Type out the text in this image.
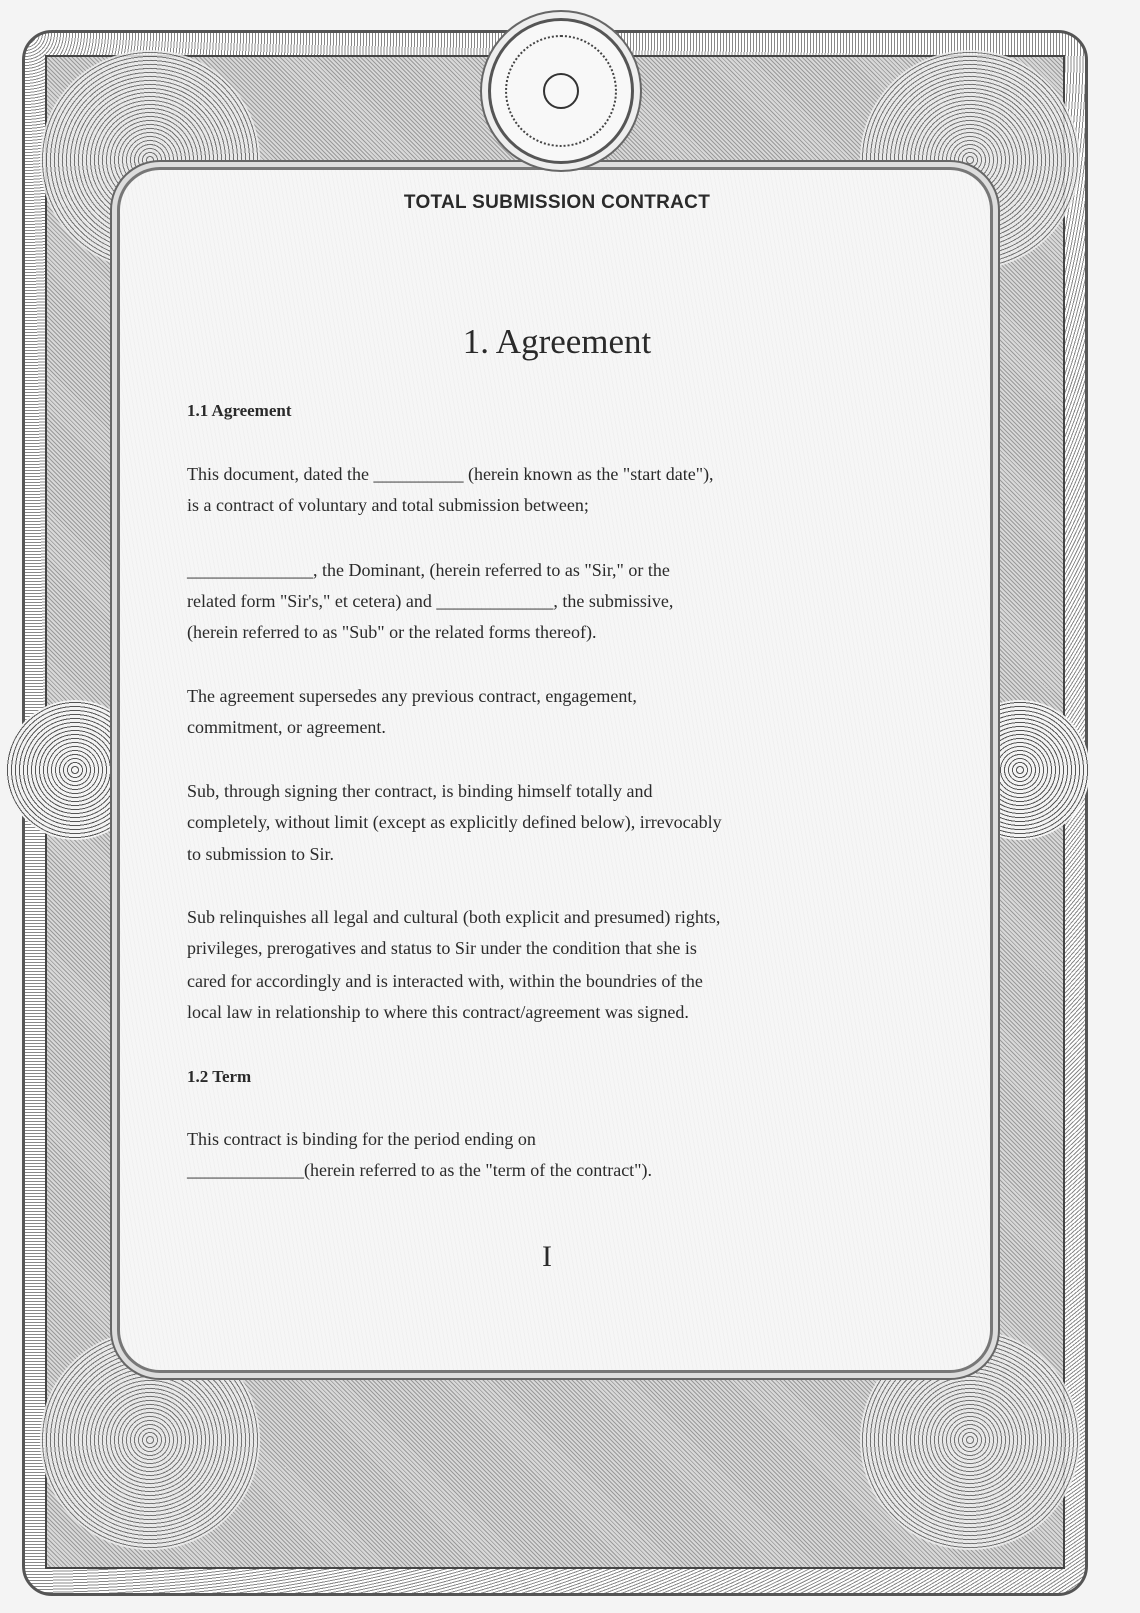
TOTAL SUBMISSION CONTRACT
1. Agreement
1.1 Agreement
This document, dated the __________ (herein known as the "start date"),
is a contract of voluntary and total submission between;
______________, the Dominant, (herein referred to as "Sir," or the
related form "Sir's," et cetera) and _____________, the submissive,
(herein referred to as "Sub" or the related forms thereof).
The agreement supersedes any previous contract, engagement,
commitment, or agreement.
Sub, through signing ther contract, is binding himself totally and
completely, without limit (except as explicitly defined below), irrevocably
to submission to Sir.
Sub relinquishes all legal and cultural (both explicit and presumed) rights,
privileges, prerogatives and status to Sir under the condition that she is
cared for accordingly and is interacted with, within the boundries of the
local law in relationship to where this contract/agreement was signed.
1.2 Term
This contract is binding for the period ending on
_____________(herein referred to as the "term of the contract").
I
